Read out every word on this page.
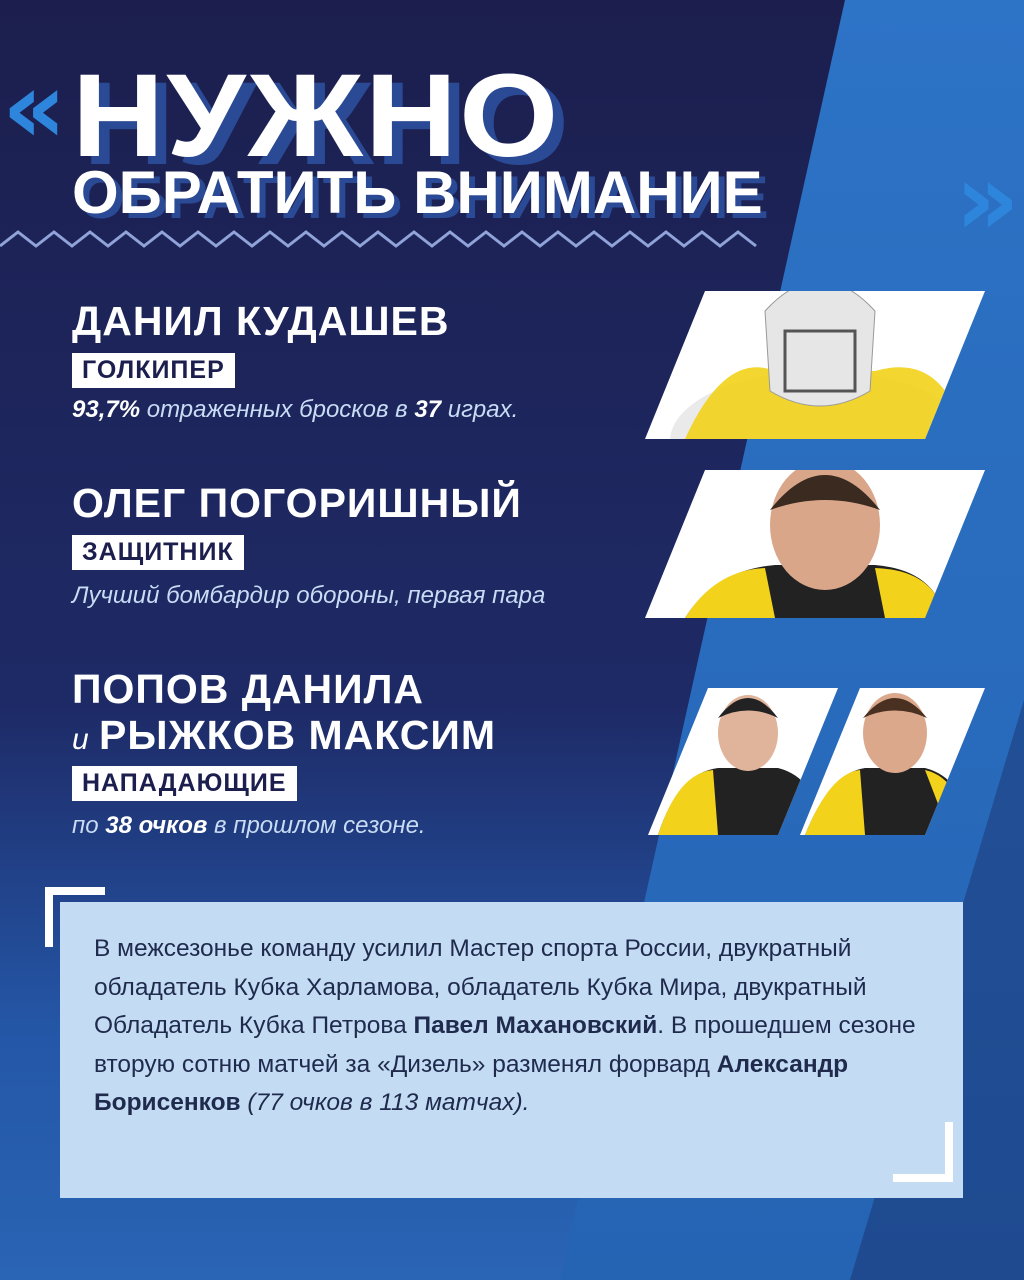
«
»
НУЖНО
ОБРАТИТЬ ВНИМАНИЕ
ДАНИЛ КУДАШЕВ
ГОЛКИПЕР
93,7% отраженных бросков в 37 играх.
ОЛЕГ ПОГОРИШНЫЙ
ЗАЩИТНИК
Лучший бомбардир обороны, первая пара
ПОПОВ ДАНИЛА
и РЫЖКОВ МАКСИМ
НАПАДАЮЩИЕ
по 38 очков в прошлом сезоне.
В межсезонье команду усилил Мастер спорта России, двукратный обладатель Кубка Харламова, обладатель Кубка Мира, двукратный Обладатель Кубка Петрова Павел Махановский. В прошедшем сезоне вторую сотню матчей за «Дизель» разменял форвард Александр Борисенков (77 очков в 113 матчах).
